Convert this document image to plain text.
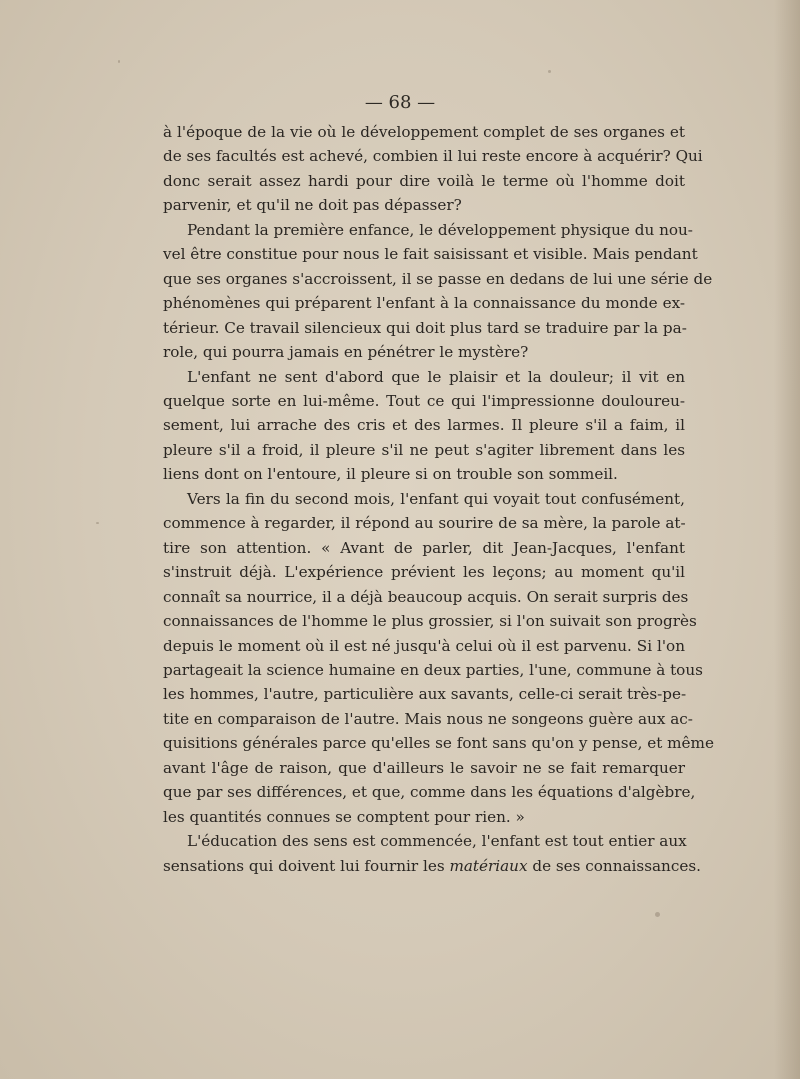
— 68 —
à l'époque de la vie où le développement complet de ses organes et
de ses facultés est achevé, combien il lui reste encore à acquérir? Qui
donc serait assez hardi pour dire voilà le terme où l'homme doit
parvenir, et qu'il ne doit pas dépasser?
Pendant la première enfance, le développement physique du nou-
vel être constitue pour nous le fait saisissant et visible. Mais pendant
que ses organes s'accroissent, il se passe en dedans de lui une série de
phénomènes qui préparent l'enfant à la connaissance du monde ex-
térieur. Ce travail silencieux qui doit plus tard se traduire par la pa-
role, qui pourra jamais en pénétrer le mystère?
L'enfant ne sent d'abord que le plaisir et la douleur; il vit en
quelque sorte en lui-même. Tout ce qui l'impressionne douloureu-
sement, lui arrache des cris et des larmes. Il pleure s'il a faim, il
pleure s'il a froid, il pleure s'il ne peut s'agiter librement dans les
liens dont on l'entoure, il pleure si on trouble son sommeil.
Vers la fin du second mois, l'enfant qui voyait tout confusément,
commence à regarder, il répond au sourire de sa mère, la parole at-
tire son attention. « Avant de parler, dit Jean-Jacques, l'enfant
s'instruit déjà. L'expérience prévient les leçons; au moment qu'il
connaît sa nourrice, il a déjà beaucoup acquis. On serait surpris des
connaissances de l'homme le plus grossier, si l'on suivait son progrès
depuis le moment où il est né jusqu'à celui où il est parvenu. Si l'on
partageait la science humaine en deux parties, l'une, commune à tous
les hommes, l'autre, particulière aux savants, celle-ci serait très-pe-
tite en comparaison de l'autre. Mais nous ne songeons guère aux ac-
quisitions générales parce qu'elles se font sans qu'on y pense, et même
avant l'âge de raison, que d'ailleurs le savoir ne se fait remarquer
que par ses différences, et que, comme dans les équations d'algèbre,
les quantités connues se comptent pour rien. »
L'éducation des sens est commencée, l'enfant est tout entier aux
sensations qui doivent lui fournir les matériaux de ses connaissances.
